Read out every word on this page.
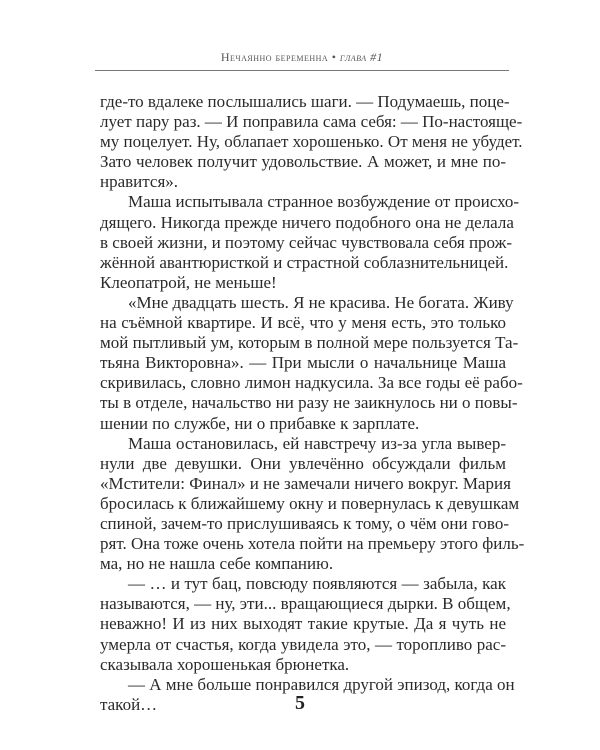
Нечаянно беременна • глава #1
где-то вдалеке послышались шаги. — Подумаешь, поце-
лует пару раз. — И поправила сама себя: — По-настояще-
му поцелует. Ну, облапает хорошенько. От меня не убудет.
Зато человек получит удовольствие. А может, и мне по-
нравится».
Маша испытывала странное возбуждение от происхо-
дящего. Никогда прежде ничего подобного она не делала
в своей жизни, и поэтому сейчас чувствовала себя прож-
жённой авантюристкой и страстной соблазнительницей.
Клеопатрой, не меньше!
«Мне двадцать шесть. Я не красива. Не богата. Живу
на съёмной квартире. И всё, что у меня есть, это только
мой пытливый ум, которым в полной мере пользуется Та-
тьяна Викторовна». — При мысли о начальнице Маша
скривилась, словно лимон надкусила. За все годы её рабо-
ты в отделе, начальство ни разу не заикнулось ни о повы-
шении по службе, ни о прибавке к зарплате.
Маша остановилась, ей навстречу из-за угла вывер-
нули две девушки. Они увлечённо обсуждали фильм
«Мстители: Финал» и не замечали ничего вокруг. Мария
бросилась к ближайшему окну и повернулась к девушкам
спиной, зачем-то прислушиваясь к тому, о чём они гово-
рят. Она тоже очень хотела пойти на премьеру этого филь-
ма, но не нашла себе компанию.
— … и тут бац, повсюду появляются — забыла, как
называются, — ну, эти... вращающиеся дырки. В общем,
неважно! И из них выходят такие крутые. Да я чуть не
умерла от счастья, когда увидела это, — торопливо рас-
сказывала хорошенькая брюнетка.
— А мне больше понравился другой эпизод, когда он
такой…	5
